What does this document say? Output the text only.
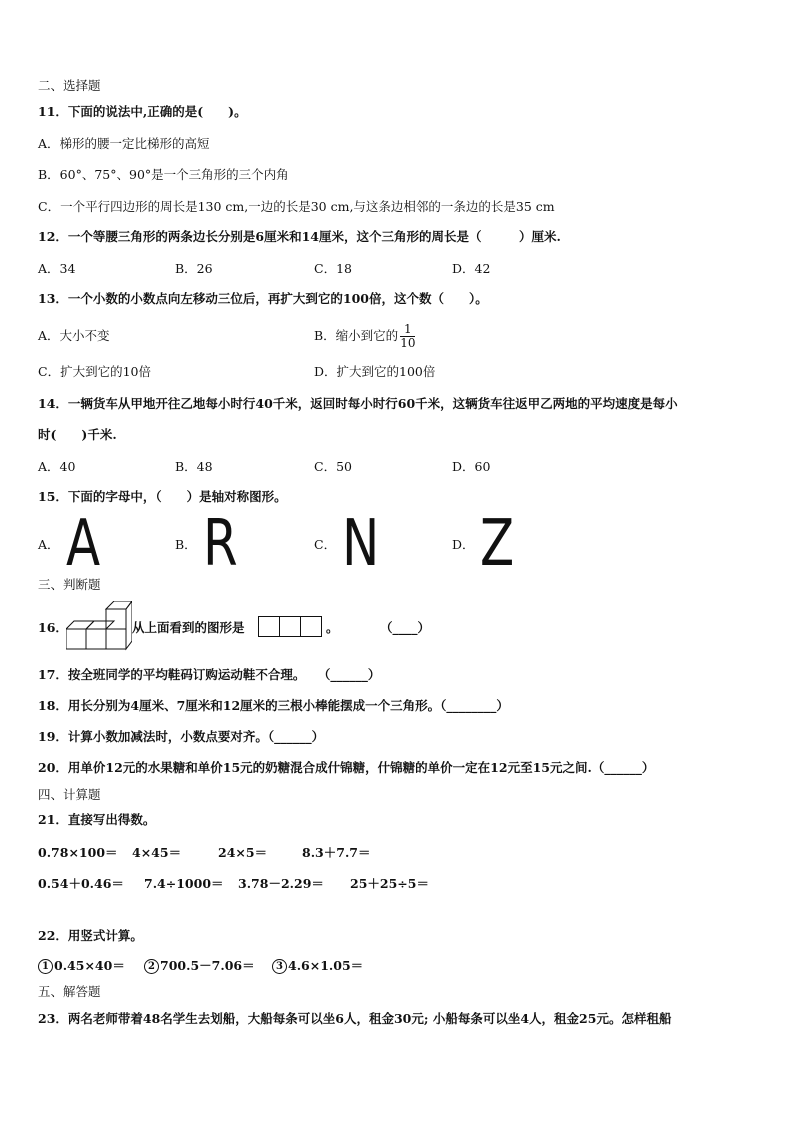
二、选择题
11．下面的说法中,正确的是(　　)。
A．梯形的腰一定比梯形的高短
B．60°、75°、90°是一个三角形的三个内角
C．一个平行四边形的周长是130 cm,一边的长是30 cm,与这条边相邻的一条边的长是35 cm
12．一个等腰三角形的两条边长分别是6厘米和14厘米，这个三角形的周长是（　　　）厘米.
A．34	B．26	C．18	D．42
13．一个小数的小数点向左移动三位后，再扩大到它的100倍，这个数（　　）。
A．大小不变	B．缩小到它的 $\frac{1}{10}$
C．扩大到它的10倍	D．扩大到它的100倍
14．一辆货车从甲地开往乙地每小时行40千米，返回时每小时行60千米，这辆货车往返甲乙两地的平均速度是每小
时(　　)千米.
A．40	B．48	C．50	D．60
15．下面的字母中，（　　）是轴对称图形。
A． A	B． R	C． N	D． Z
三、判断题
16．	从上面看到的图形是	。	（____）
17．按全班同学的平均鞋码订购运动鞋不合理。　　（______）
18．用长分别为4厘米、7厘米和12厘米的三根小棒能摆成一个三角形。（________）
19．计算小数加减法时，小数点要对齐。（______）
20．用单价12元的水果糖和单价15元的奶糖混合成什锦糖，什锦糖的单价一定在12元至15元之间.（______）
四、计算题
21．直接写出得数。
0.78×100＝ 4×45＝	24×5＝	8.3＋7.7＝
0.54＋0.46＝ 7.4÷1000＝ 3.78－2.29＝ 25＋25÷5＝
22．用竖式计算。
1 0.45×40＝	2 700.5－7.06＝	3 4.6×1.05＝
五、解答题
23．两名老师带着48名学生去划船，大船每条可以坐6人，租金30元; 小船每条可以坐4人，租金25元。怎样租船
